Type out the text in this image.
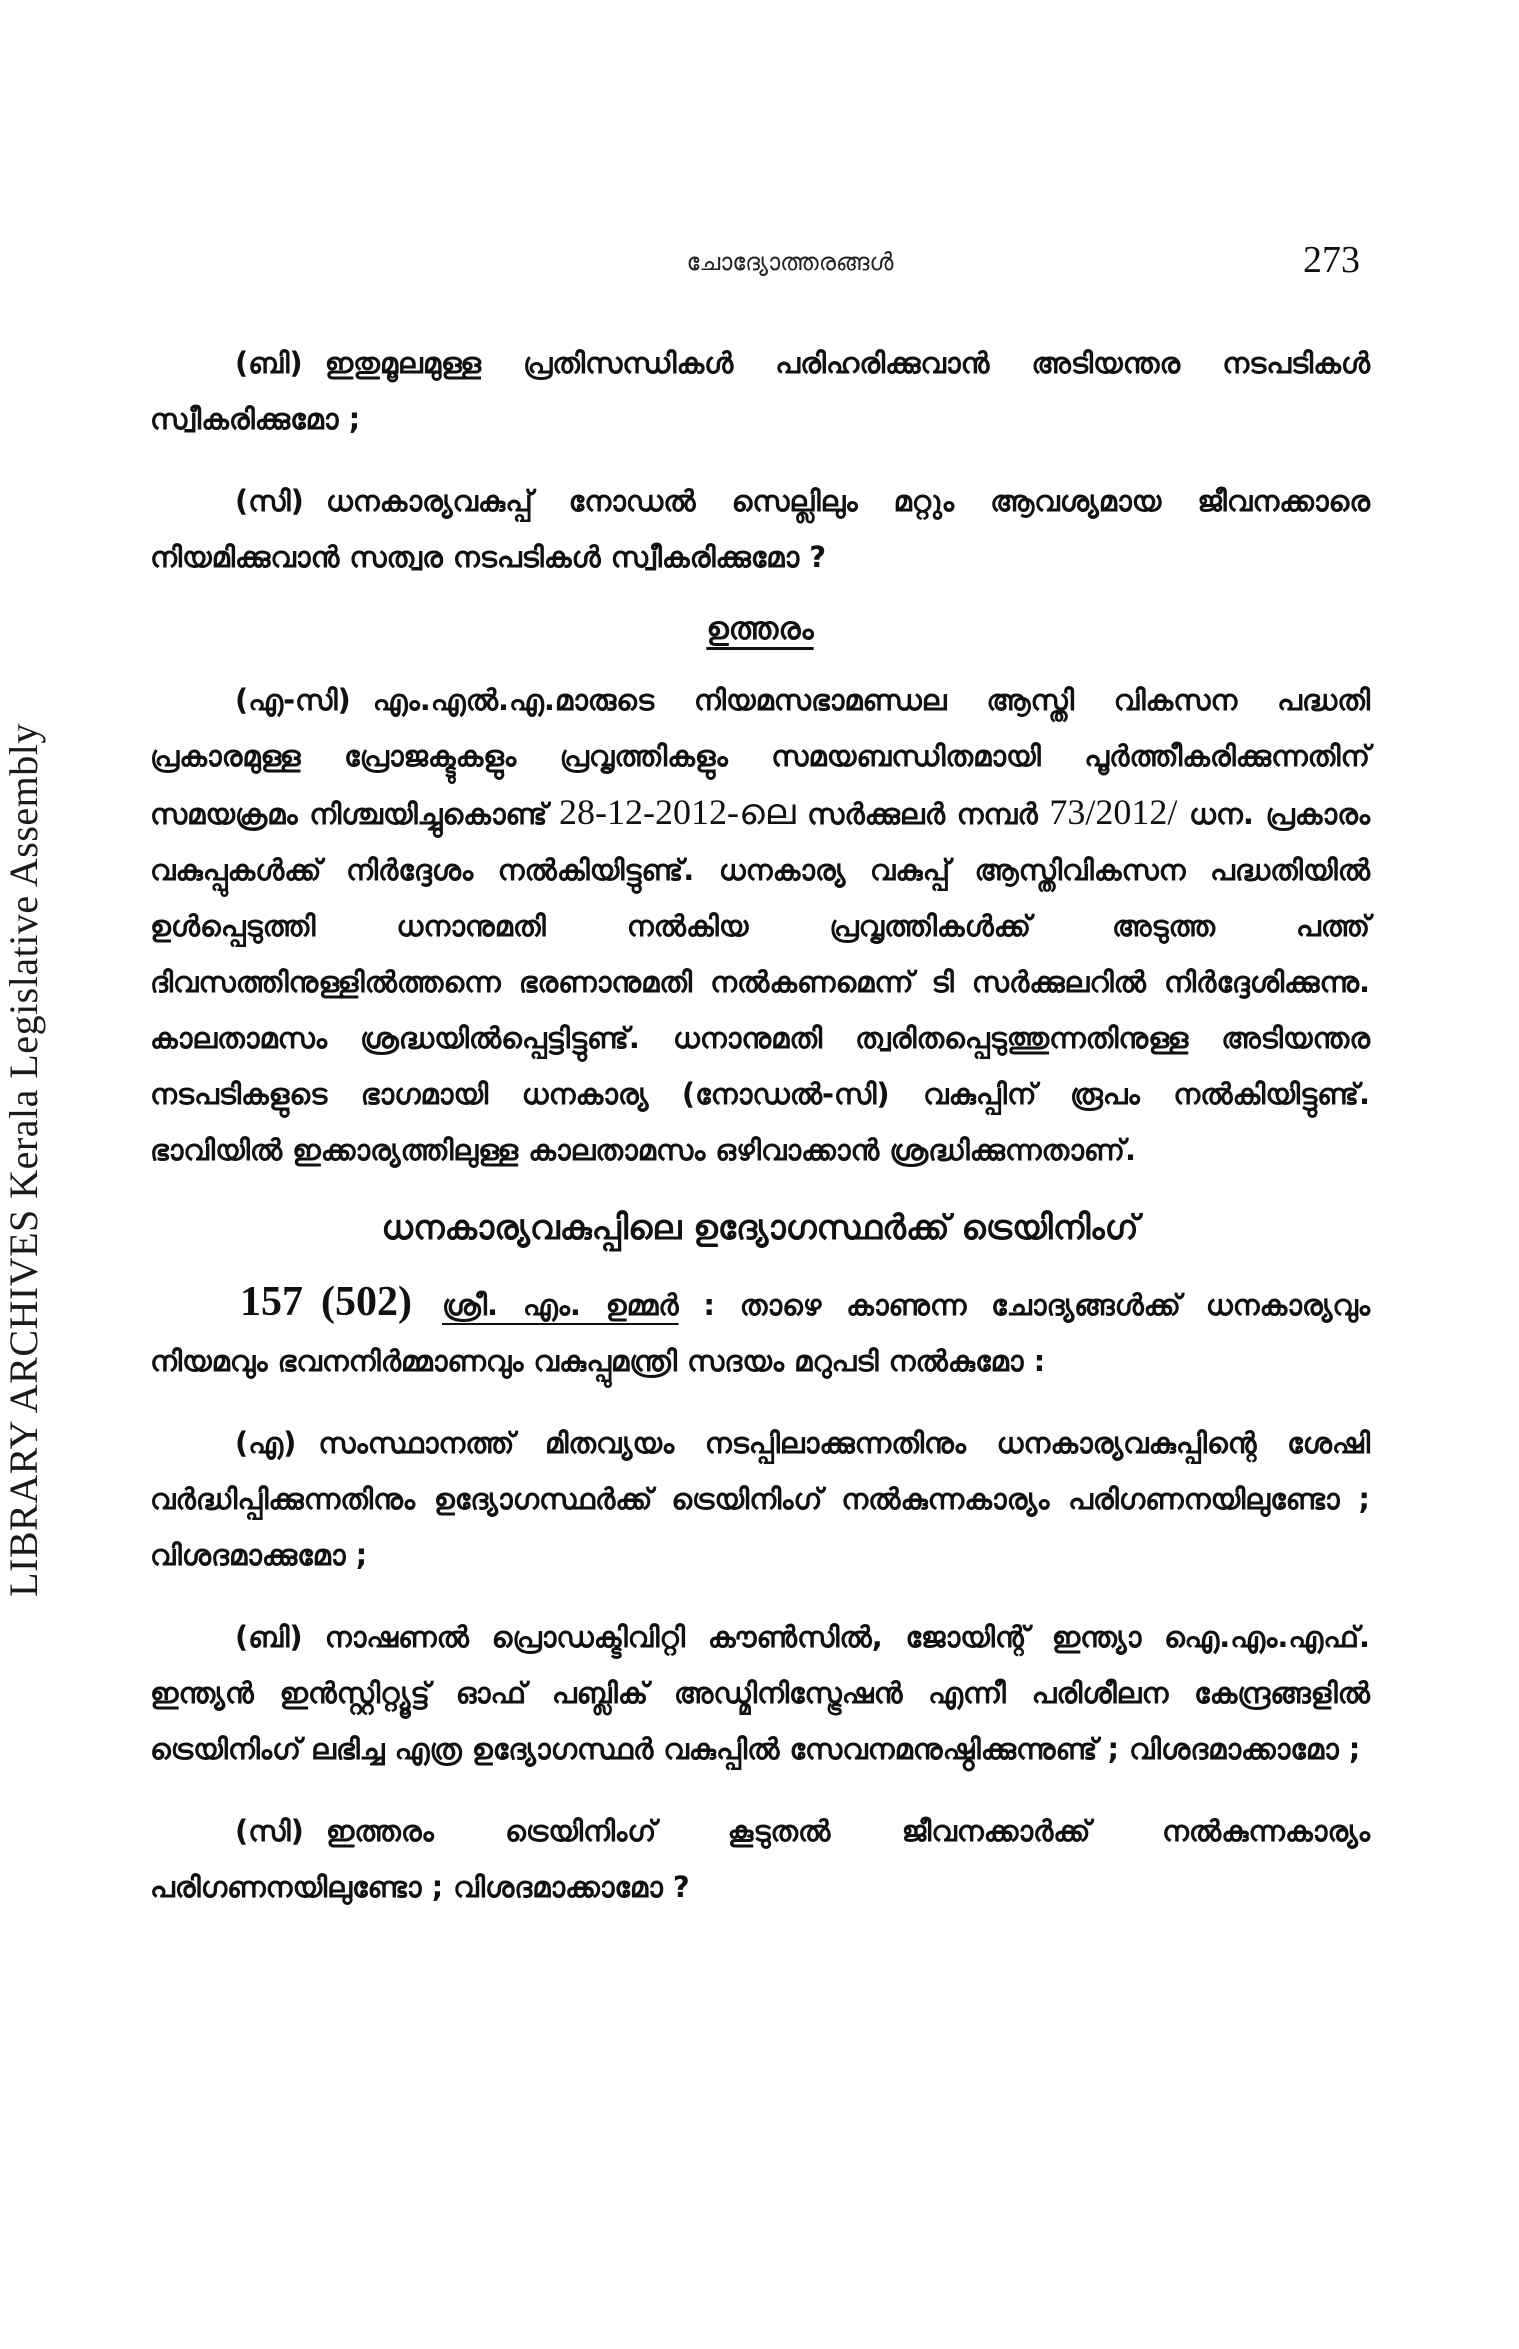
LIBRARY ARCHIVES Kerala Legislative Assembly
ചോദ്യോത്തരങ്ങൾ	273

(ബി) ഇതുമൂലമുള്ള പ്രതിസന്ധികൾ പരിഹരിക്കുവാൻ അടിയന്തര നടപടികൾ സ്വീകരിക്കുമോ ;

(സി) ധനകാര്യവകുപ്പ് നോഡൽ സെല്ലിലും മറ്റും ആവശ്യമായ ജീവനക്കാരെ നിയമിക്കുവാൻ സത്വര നടപടികൾ സ്വീകരിക്കുമോ ?

ഉത്തരം

(എ-സി) എം.എൽ.എ.മാരുടെ നിയമസഭാമണ്ഡല ആസ്തി വികസന പദ്ധതി പ്രകാരമുള്ള പ്രോജക്ടുകളും പ്രവൃത്തികളും സമയബന്ധിതമായി പൂർത്തീകരിക്കുന്നതിന് സമയക്രമം നിശ്ചയിച്ചുകൊണ്ട് 28-12-2012-ലെ സർക്കുലർ നമ്പർ 73/2012/ ധന. പ്രകാരം വകുപ്പുകൾക്ക് നിർദ്ദേശം നൽകിയിട്ടുണ്ട്. ധനകാര്യ വകുപ്പ് ആസ്തിവികസന പദ്ധതിയിൽ ഉൾപ്പെടുത്തി ധനാനുമതി നൽകിയ പ്രവൃത്തികൾക്ക് അടുത്ത പത്ത് ദിവസത്തിനുള്ളിൽത്തന്നെ ഭരണാനുമതി നൽകണമെന്ന് ടി സർക്കുലറിൽ നിർദ്ദേശിക്കുന്നു. കാലതാമസം ശ്രദ്ധയിൽപ്പെട്ടിട്ടുണ്ട്. ധനാനുമതി ത്വരിതപ്പെടുത്തുന്നതിനുള്ള അടിയന്തര നടപടികളുടെ ഭാഗമായി ധനകാര്യ (നോഡൽ-സി) വകുപ്പിന് രൂപം നൽകിയിട്ടുണ്ട്. ഭാവിയിൽ ഇക്കാര്യത്തിലുള്ള കാലതാമസം ഒഴിവാക്കാൻ ശ്രദ്ധിക്കുന്നതാണ്.

ധനകാര്യവകുപ്പിലെ ഉദ്യോഗസ്ഥർക്ക് ട്രെയിനിംഗ്

157 (502) ശ്രീ. എം. ഉമ്മർ : താഴെ കാണുന്ന ചോദ്യങ്ങൾക്ക് ധനകാര്യവും നിയമവും ഭവനനിർമ്മാണവും വകുപ്പുമന്ത്രി സദയം മറുപടി നൽകുമോ :

(എ) സംസ്ഥാനത്ത് മിതവ്യയം നടപ്പിലാക്കുന്നതിനും ധനകാര്യവകുപ്പിന്റെ ശേഷി വർദ്ധിപ്പിക്കുന്നതിനും ഉദ്യോഗസ്ഥർക്ക് ട്രെയിനിംഗ് നൽകുന്നകാര്യം പരിഗണനയിലുണ്ടോ ; വിശദമാക്കുമോ ;

(ബി) നാഷണൽ പ്രൊഡക്ടിവിറ്റി കൗൺസിൽ, ജോയിന്റ് ഇന്ത്യാ ഐ.എം.എഫ്. ഇന്ത്യൻ ഇൻസ്റ്റിറ്റ്യൂട്ട് ഓഫ് പബ്ലിക് അഡ്മിനിസ്ട്രേഷൻ എന്നീ പരിശീലന കേന്ദ്രങ്ങളിൽ ട്രെയിനിംഗ് ലഭിച്ച എത്ര ഉദ്യോഗസ്ഥർ വകുപ്പിൽ സേവനമനുഷ്ഠിക്കുന്നുണ്ട് ; വിശദമാക്കാമോ ;

(സി) ഇത്തരം ട്രെയിനിംഗ് കൂടുതൽ ജീവനക്കാർക്ക് നൽകുന്നകാര്യം പരിഗണനയിലുണ്ടോ ; വിശദമാക്കാമോ ?
